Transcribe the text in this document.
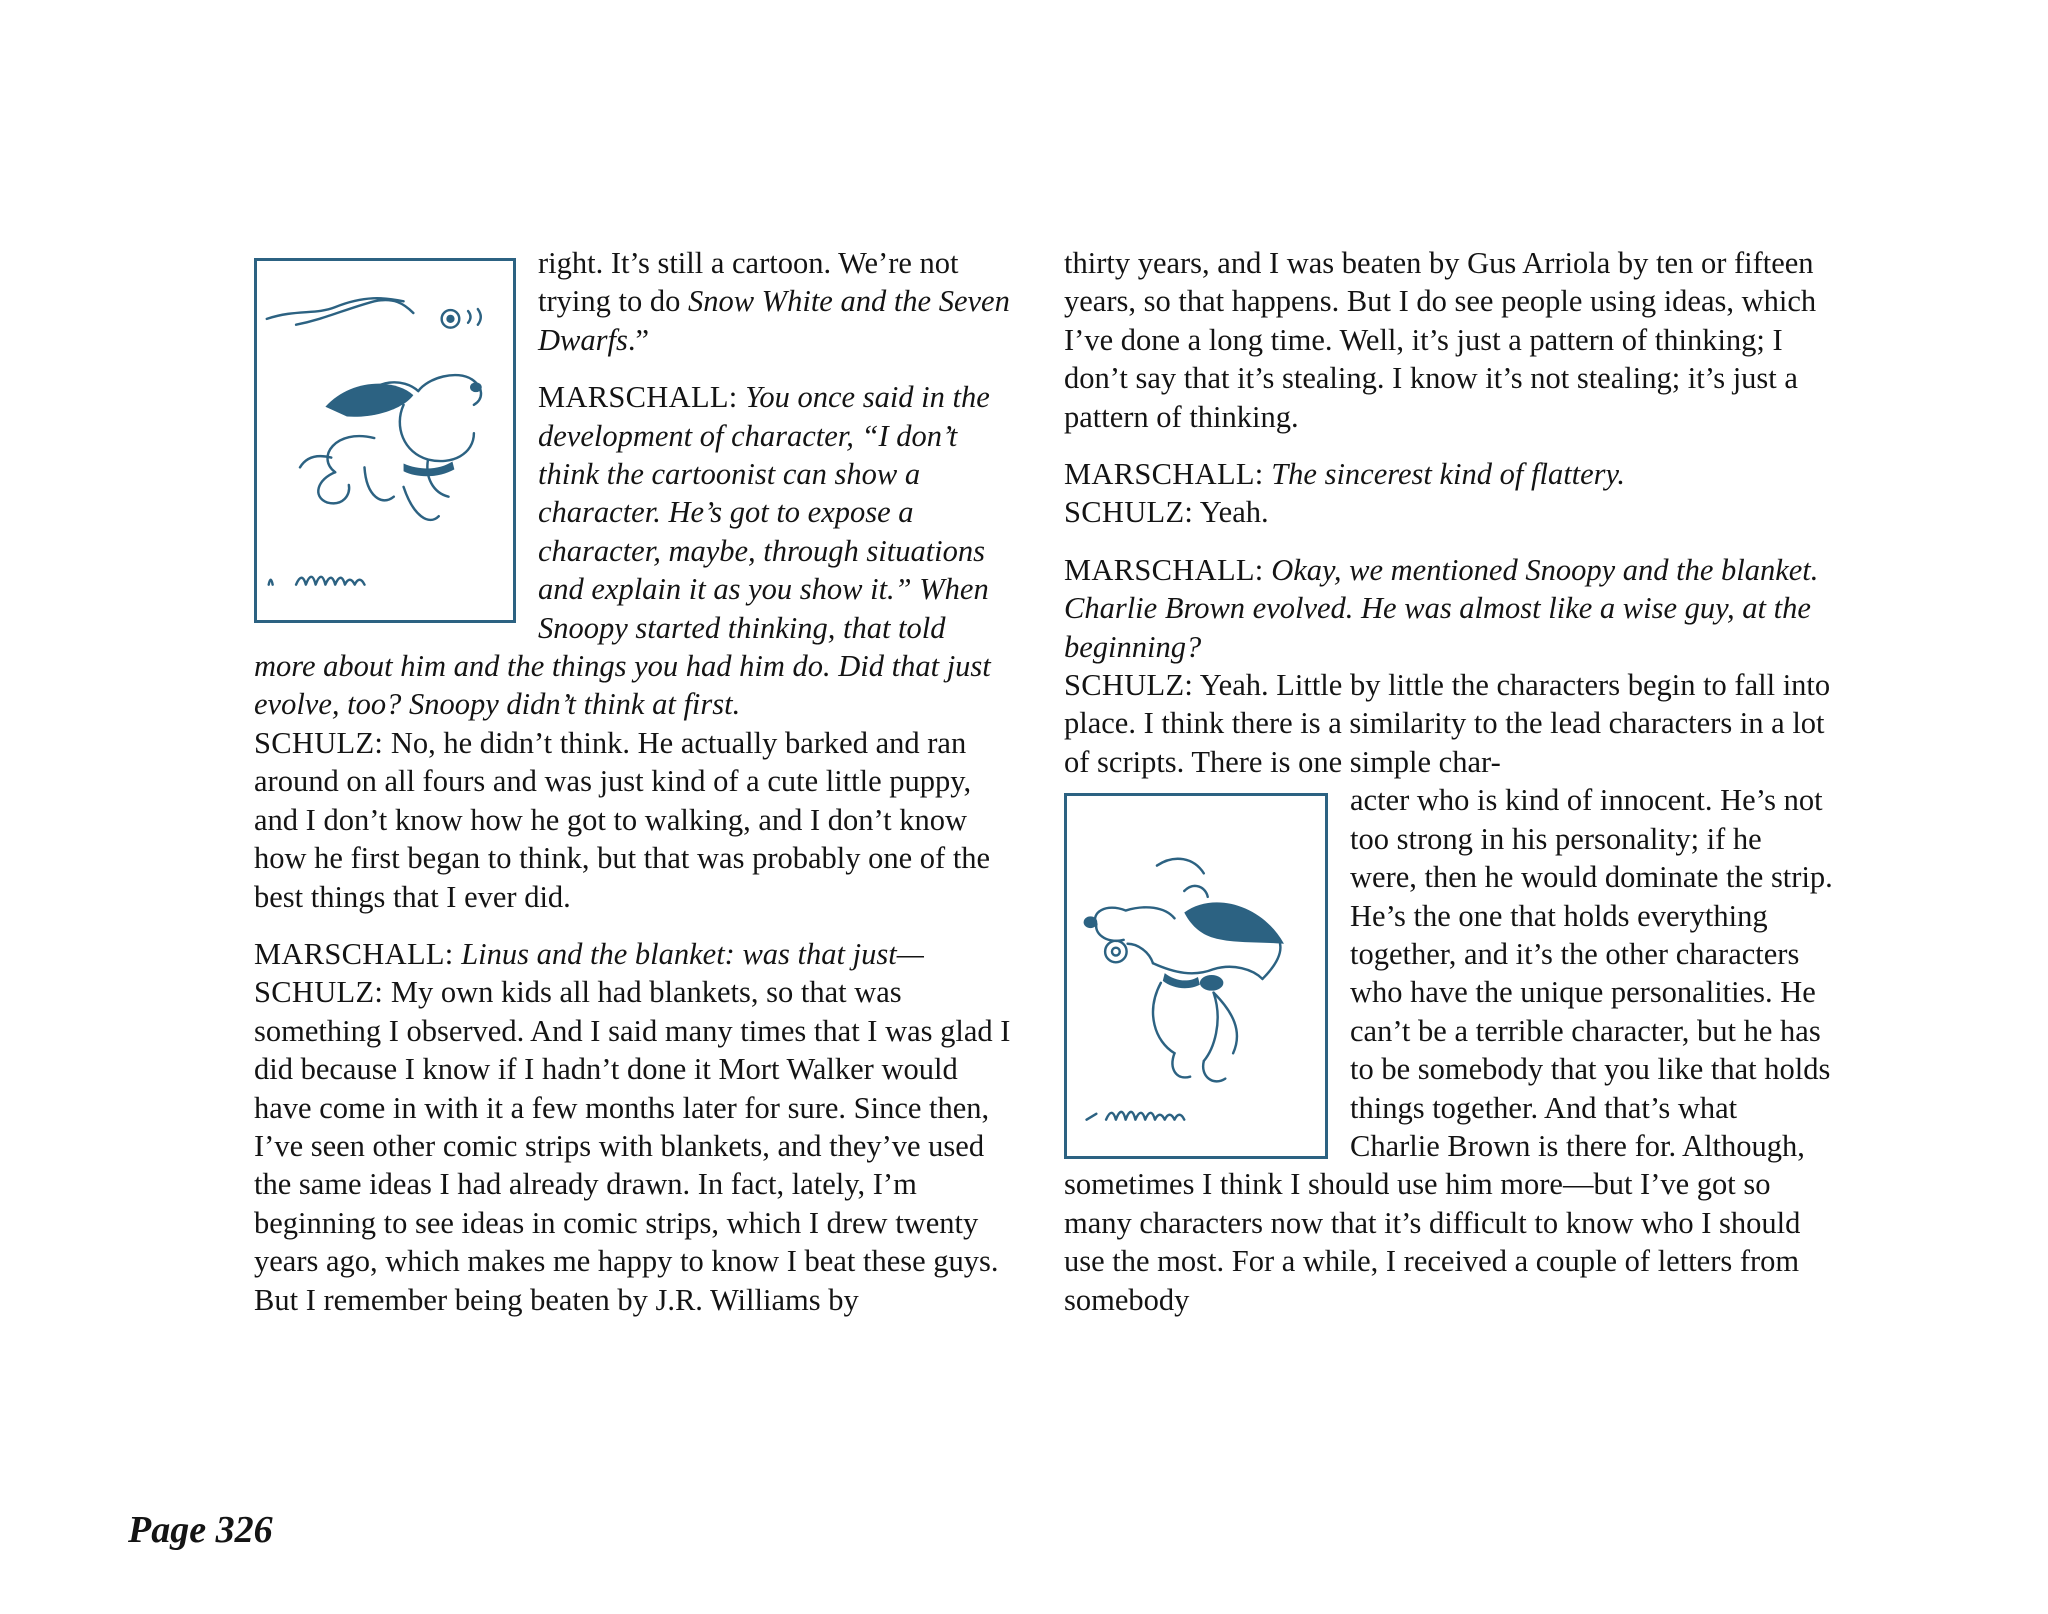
right. It’s still a cartoon. We’re not trying to do Snow White and the Seven Dwarfs.”

MARSCHALL: You once said in the development of character, “I don’t think the cartoonist can show a character. He’s got to expose a character, maybe, through situations and explain it as you show it.” When Snoopy started thinking, that told more about him and the things you had him do. Did that just evolve, too? Snoopy didn’t think at first.
SCHULZ: No, he didn’t think. He actually barked and ran around on all fours and was just kind of a cute little puppy, and I don’t know how he got to walking, and I don’t know how he first began to think, but that was probably one of the best things that I ever did.

MARSCHALL: Linus and the blanket: was that just—
SCHULZ: My own kids all had blankets, so that was something I observed. And I said many times that I was glad I did because I know if I hadn’t done it Mort Walker would have come in with it a few months later for sure. Since then, I’ve seen other comic strips with blankets, and they’ve used the same ideas I had already drawn. In fact, lately, I’m beginning to see ideas in comic strips, which I drew twenty years ago, which makes me happy to know I beat these guys. But I remember being beaten by J.R. Williams by

thirty years, and I was beaten by Gus Arriola by ten or fifteen years, so that happens. But I do see people using ideas, which I’ve done a long time. Well, it’s just a pattern of thinking; I don’t say that it’s stealing. I know it’s not stealing; it’s just a pattern of thinking.

MARSCHALL: The sincerest kind of flattery.
SCHULZ: Yeah.

MARSCHALL: Okay, we mentioned Snoopy and the blanket. Charlie Brown evolved. He was almost like a wise guy, at the beginning?
SCHULZ: Yeah. Little by little the characters begin to fall into place. I think there is a similarity to the lead characters in a lot of scripts. There is one simple char-

acter who is kind of innocent. He’s not too strong in his personality; if he were, then he would dominate the strip. He’s the one that holds everything together, and it’s the other characters who have the unique personalities. He can’t be a terrible character, but he has to be somebody that you like that holds things together. And that’s what Charlie Brown is there for. Although, sometimes I think I should use him more—but I’ve got so many characters now that it’s difficult to know who I should use the most. For a while, I received a couple of letters from somebody

Page 326
